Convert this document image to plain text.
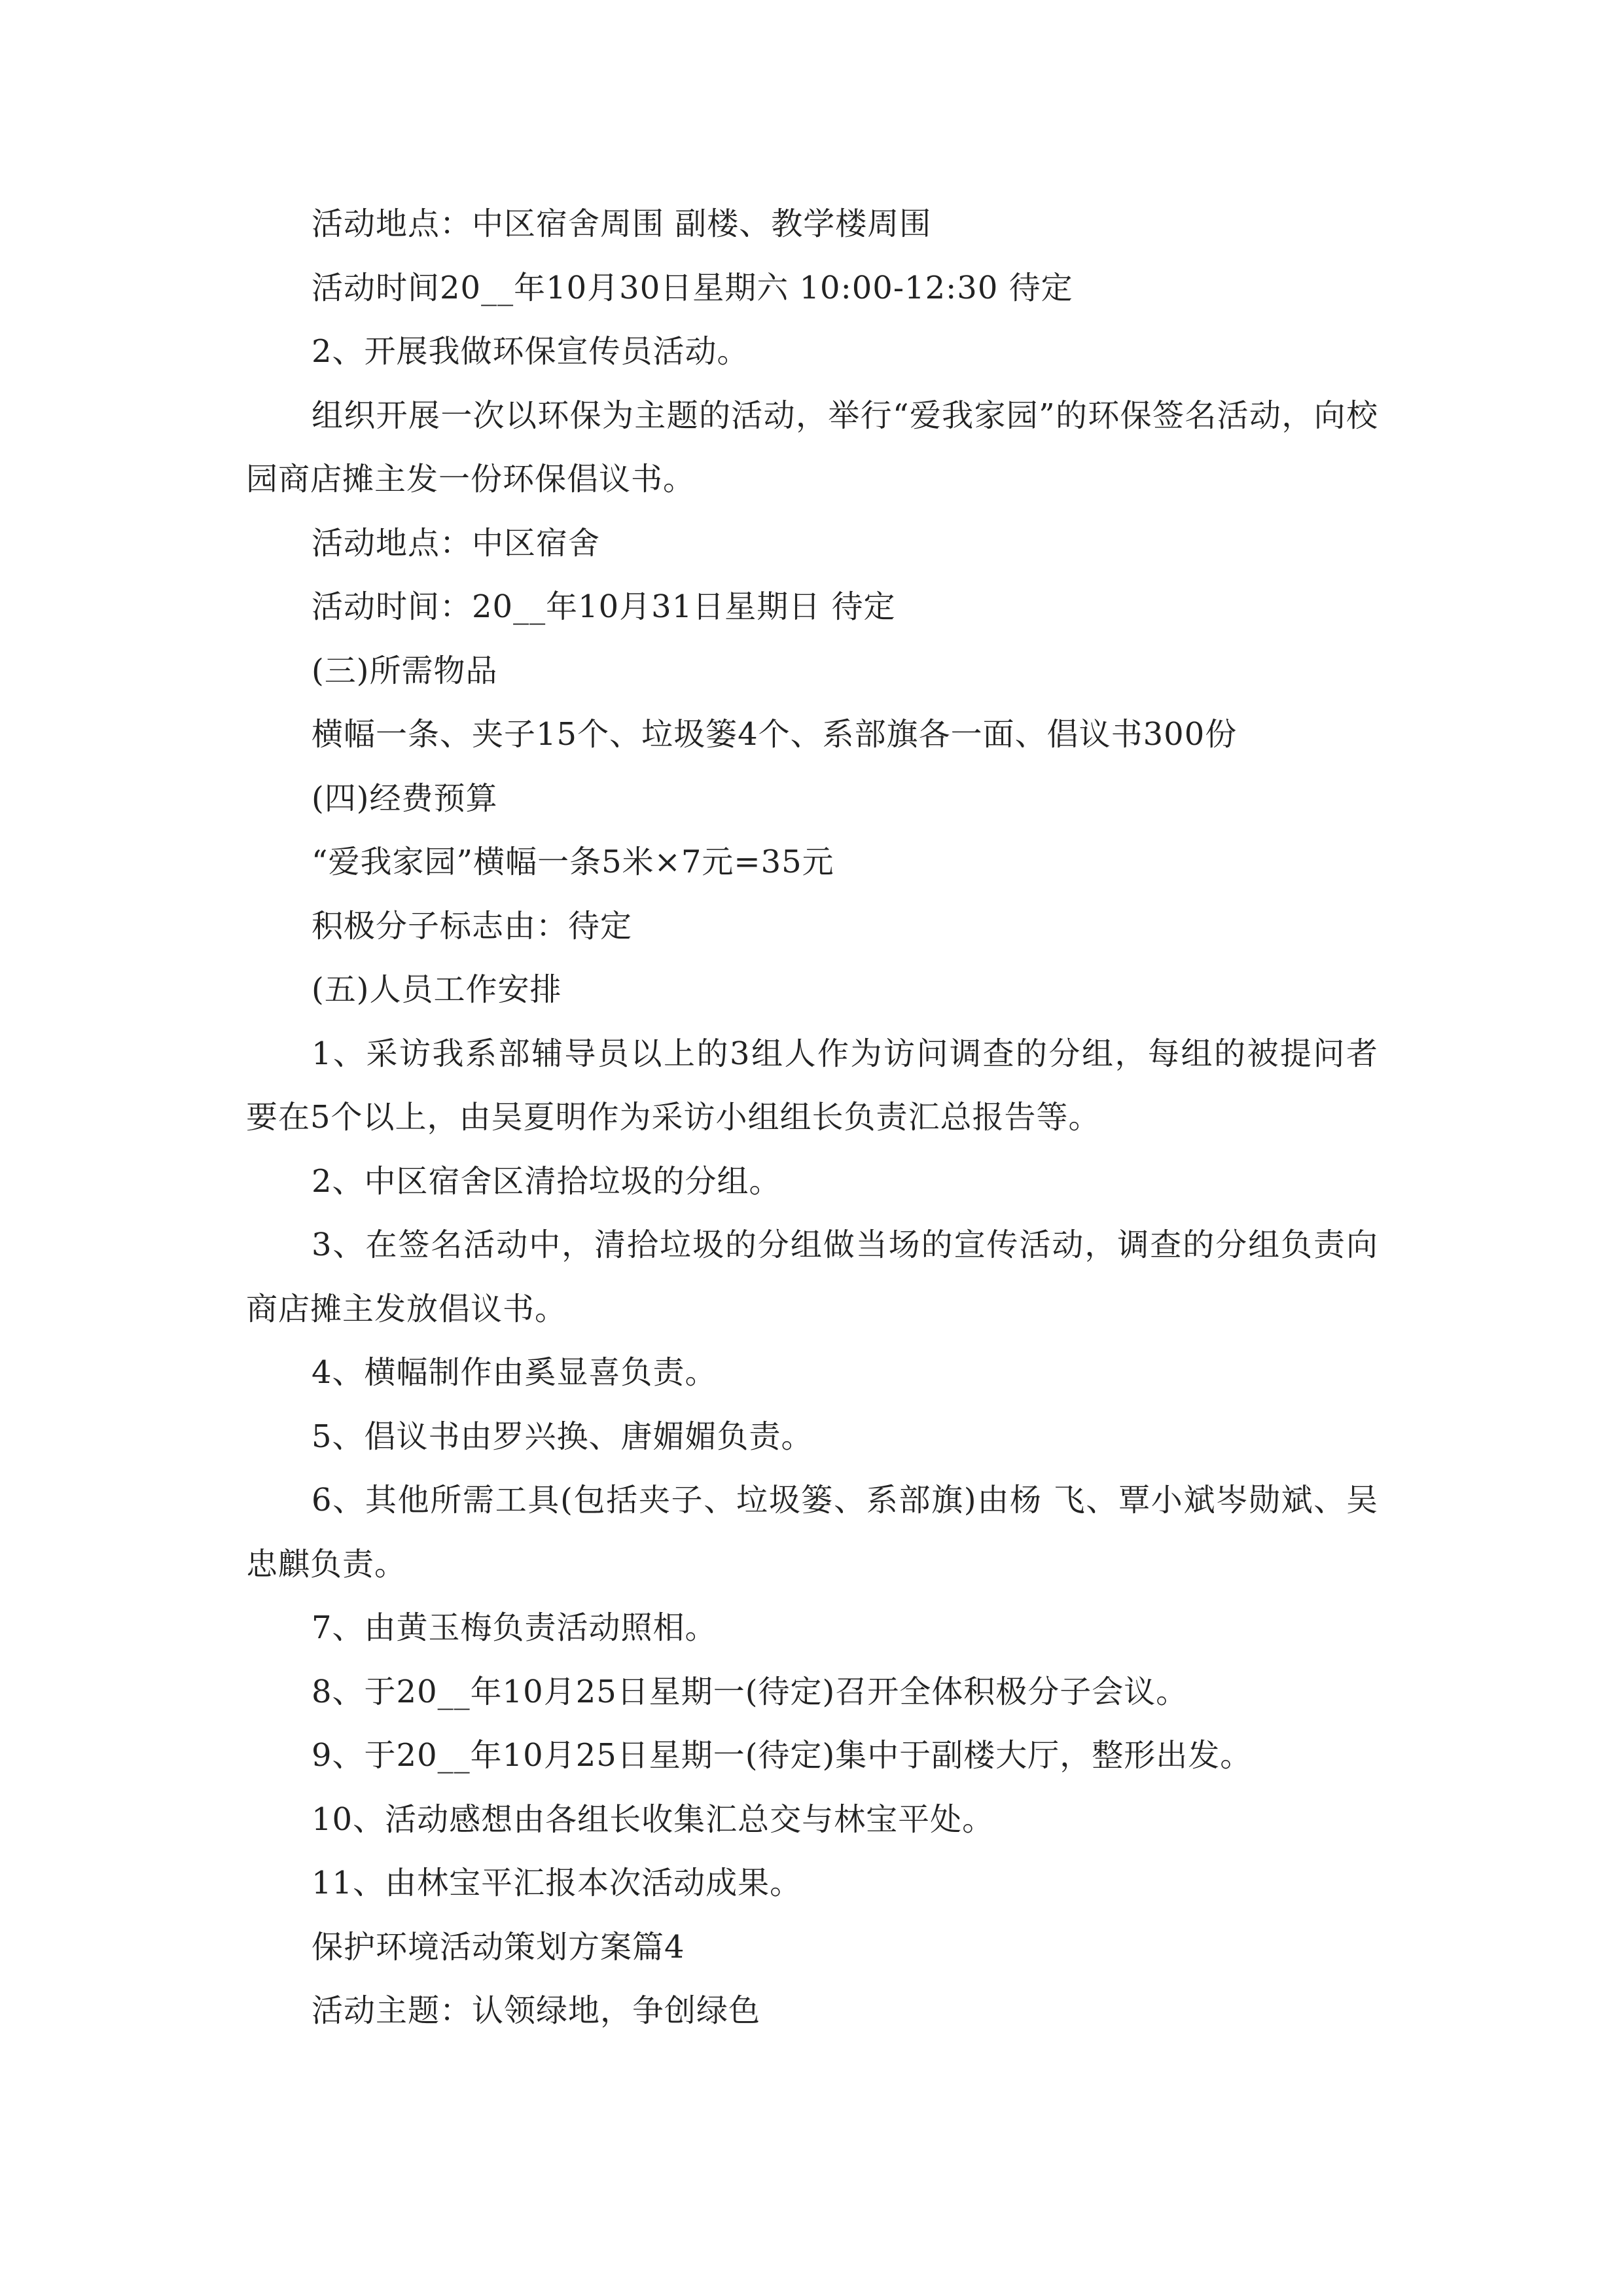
活动地点：中区宿舍周围 副楼、教学楼周围

活动时间20__年10月30日星期六 10:00-12:30 待定

2、开展我做环保宣传员活动。

组织开展一次以环保为主题的活动，举行“爱我家园”的环保签名活动，向校园商店摊主发一份环保倡议书。

活动地点：中区宿舍

活动时间：20__年10月31日星期日 待定

(三)所需物品

横幅一条、夹子15个、垃圾篓4个、系部旗各一面、倡议书300份

(四)经费预算

“爱我家园”横幅一条5米×7元=35元

积极分子标志由：待定

(五)人员工作安排

1、采访我系部辅导员以上的3组人作为访问调查的分组，每组的被提问者要在5个以上，由吴夏明作为采访小组组长负责汇总报告等。

2、中区宿舍区清拾垃圾的分组。

3、在签名活动中，清拾垃圾的分组做当场的宣传活动，调查的分组负责向商店摊主发放倡议书。

4、横幅制作由奚显喜负责。

5、倡议书由罗兴换、唐媚媚负责。

6、其他所需工具(包括夹子、垃圾篓、系部旗)由杨 飞、覃小斌岑勋斌、吴忠麒负责。

7、由黄玉梅负责活动照相。

8、于20__年10月25日星期一(待定)召开全体积极分子会议。

9、于20__年10月25日星期一(待定)集中于副楼大厅，整形出发。

10、活动感想由各组长收集汇总交与林宝平处。

11、由林宝平汇报本次活动成果。

保护环境活动策划方案篇4

活动主题：认领绿地，争创绿色
